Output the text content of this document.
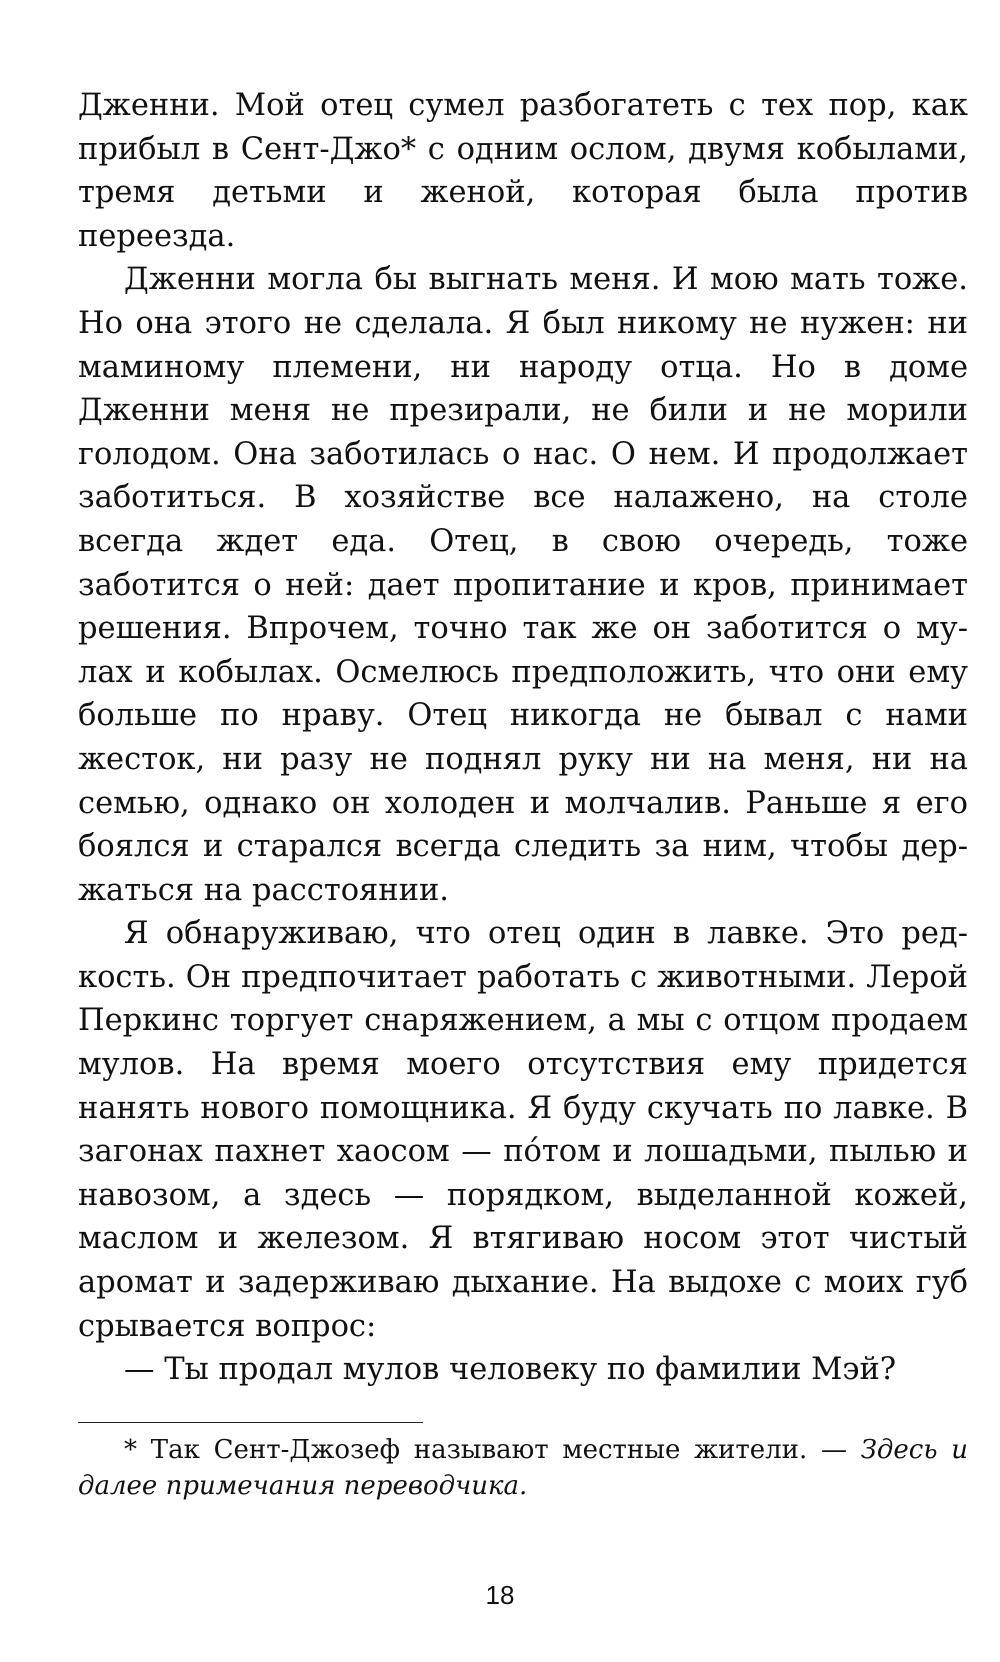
Дженни. Мой отец сумел разбогатеть с тех пор, как прибыл в Сент-Джо* с одним ослом, двумя кобылами, тремя детьми и женой, которая была против переезда.

Дженни могла бы выгнать меня. И мою мать тоже. Но она этого не сделала. Я был никому не нужен: ни маминому племени, ни народу отца. Но в доме Дженни меня не презирали, не били и не морили голодом. Она заботилась о нас. О нем. И продолжает заботиться. В хозяйстве все налажено, на столе всегда ждет еда. Отец, в свою очередь, тоже заботится о ней: дает пропитание и кров, принимает решения. Впрочем, точно так же он заботится о мулах и кобылах. Осмелюсь предположить, что они ему больше по нраву. Отец никогда не бывал с нами жесток, ни разу не поднял руку ни на меня, ни на семью, однако он холоден и молчалив. Раньше я его боялся и старался всегда следить за ним, чтобы держаться на расстоянии.

Я обнаруживаю, что отец один в лавке. Это редкость. Он предпочитает работать с животными. Лерой Перкинс торгует снаряжением, а мы с отцом продаем мулов. На время моего отсутствия ему придется нанять нового помощника. Я буду скучать по лавке. В загонах пахнет хаосом — по́том и лошадьми, пылью и навозом, а здесь — порядком, выделанной кожей, маслом и железом. Я втягиваю носом этот чистый аромат и задерживаю дыхание. На выдохе с моих губ срывается вопрос:

— Ты продал мулов человеку по фамилии Мэй?

* Так Сент-Джозеф называют местные жители. — Здесь и далее примечания переводчика.

18
